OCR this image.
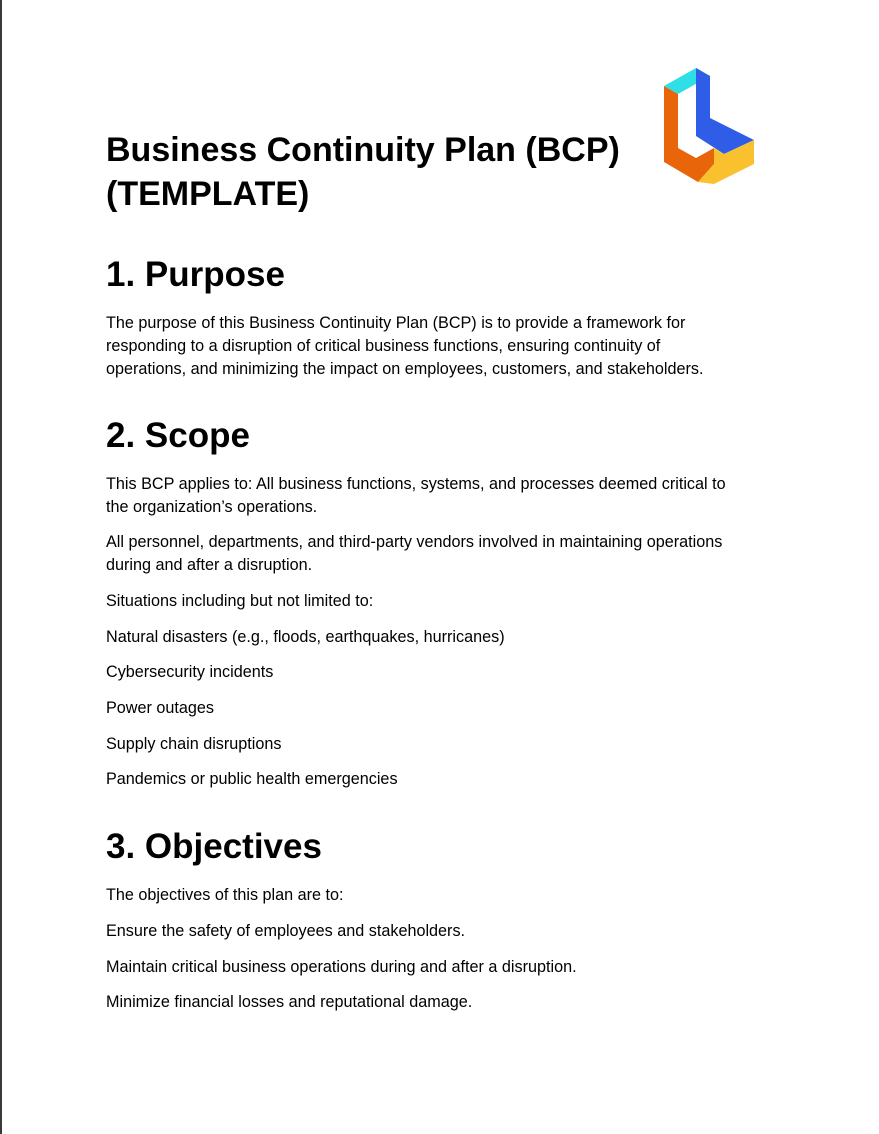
Business Continuity Plan (BCP)
(TEMPLATE)
1. Purpose

The purpose of this Business Continuity Plan (BCP) is to provide a framework for
responding to a disruption of critical business functions, ensuring continuity of
operations, and minimizing the impact on employees, customers, and stakeholders.

2. Scope

This BCP applies to: All business functions, systems, and processes deemed critical to
the organization’s operations.

All personnel, departments, and third-party vendors involved in maintaining operations
during and after a disruption.

Situations including but not limited to:

Natural disasters (e.g., floods, earthquakes, hurricanes)

Cybersecurity incidents

Power outages

Supply chain disruptions

Pandemics or public health emergencies

3. Objectives

The objectives of this plan are to:

Ensure the safety of employees and stakeholders.

Maintain critical business operations during and after a disruption.

Minimize financial losses and reputational damage.
